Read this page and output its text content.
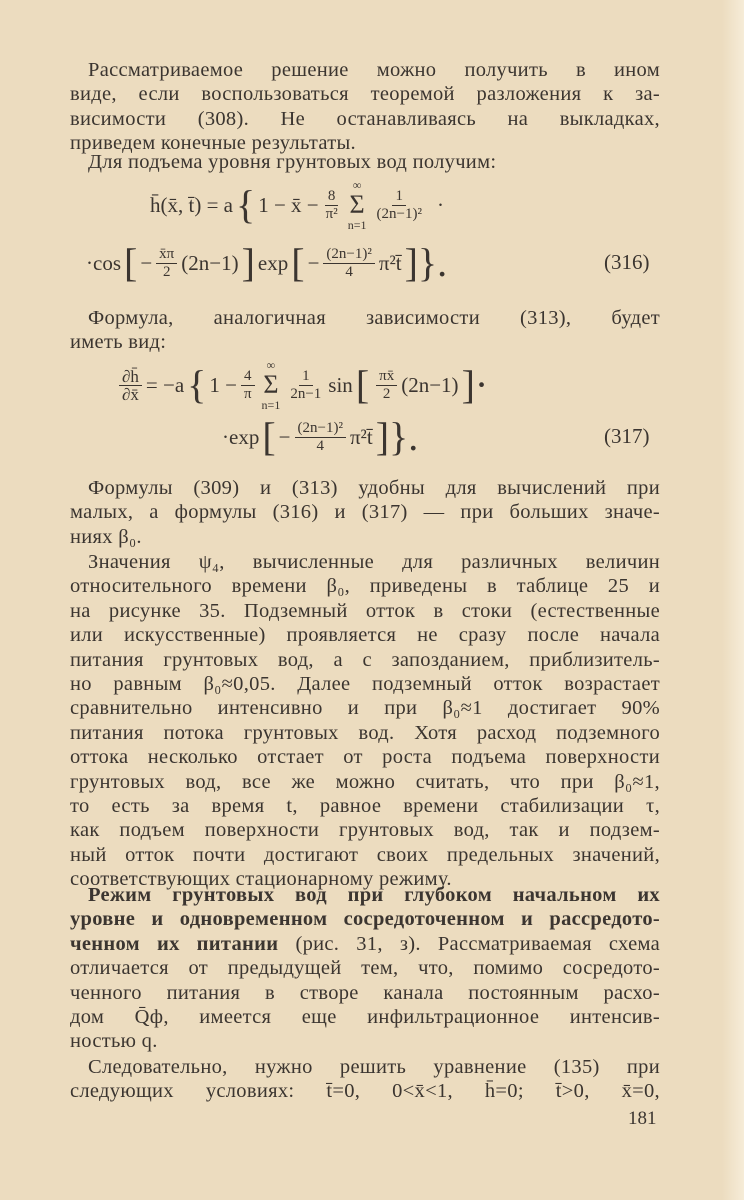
Рассматриваемое решение можно получить в ином
виде, если воспользоваться теоремой разложения к за-
висимости (308). Не останавливаясь на выкладках,
приведем конечные результаты.
Для подъема уровня грунтовых вод получим:
Формула, аналогичная зависимости (313), будет
иметь вид:
Формулы (309) и (313) удобны для вычислений при
малых, а формулы (316) и (317) — при больших значе-
ниях β₀.
Значения ψ₄, вычисленные для различных величин
относительного времени β₀, приведены в таблице 25 и
на рисунке 35. Подземный отток в стоки (естественные
или искусственные) проявляется не сразу после начала
питания грунтовых вод, а с запозданием, приблизитель-
но равным β₀≈0,05. Далее подземный отток возрастает
сравнительно интенсивно и при β₀≈1 достигает 90%
питания потока грунтовых вод. Хотя расход подземного
оттока несколько отстает от роста подъема поверхности
грунтовых вод, все же можно считать, что при β₀≈1,
то есть за время t, равное времени стабилизации τ,
как подъем поверхности грунтовых вод, так и подзем-
ный отток почти достигают своих предельных значений,
соответствующих стационарному режиму.
Режим грунтовых вод при глубоком начальном их
уровне и одновременном сосредоточенном и рассредото-
ченном их питании (рис. 31, з). Рассматриваемая схема
отличается от предыдущей тем, что, помимо сосредото-
ченного питания в створе канала постоянным расхо-
дом Q̄ф, имеется еще инфильтрационное интенсив-
ностью q.
Следовательно, нужно решить уравнение (135) при
следующих условиях: t̄=0, 0<x̄<1, h̄=0; t̄>0, x̄=0,
h̄(x̄, t̄) = a { 1 − x̄ − $\frac{8}{\text{π²}}$
∞
Σ
n=1
1
(2n−1)² ·
·cos [ − $\frac{x̄\pi}{2} (2n-1)$ ] exp [ − $\frac{\text{(2n−1)²}}{4}$ π²t̄ ]}.	(316)
$\frac{\partial h̄}{\partial x̄} = -a$ { $1 - \frac{4}{\pi}$
∞
Σ
n=1
1
2n−1 sin [ πx̄
2 (2n−1) ]·
·exp [ − $\frac{\text{(2n−1)²}}{4}$ π²t̄ ]}.	(317)
181
